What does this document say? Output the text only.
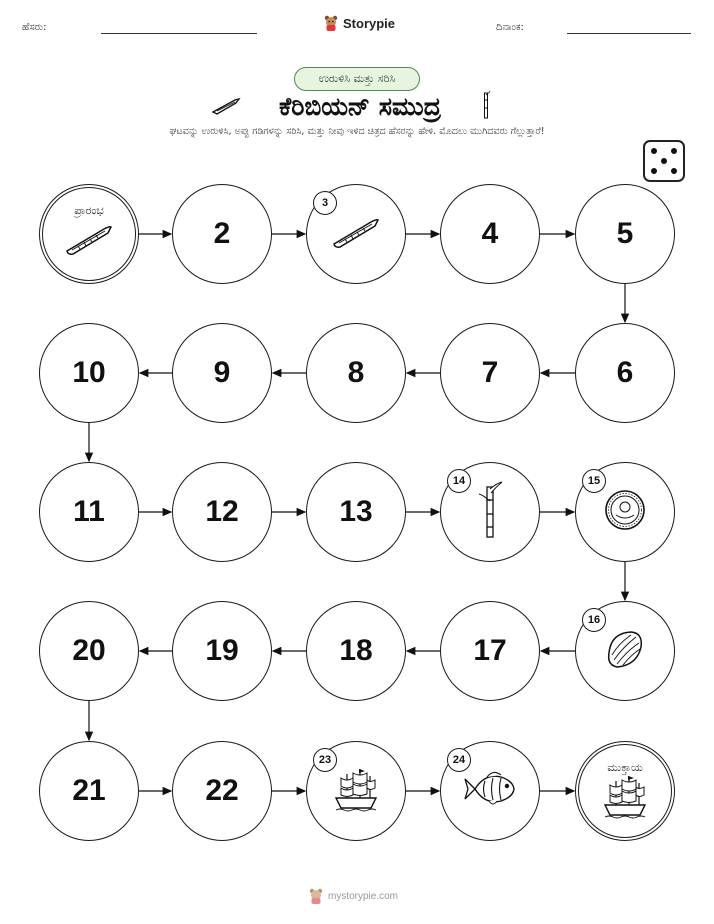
ಹೆಸರು:	Storypie	ದಿನಾಂಕ:
ಉರುಳಿಸಿ ಮತ್ತು ಸರಿಸಿ
ಕೆರಿಬಿಯನ್ ಸಮುದ್ರ
ಘಟವನ್ನು ಉರುಳಿಸಿ, ಅಪ್ಪು ಗಡಿಗಳನ್ನು ಸರಿಸಿ, ಮತ್ತು ನೀವು ಇಳಿದ ಚಿತ್ರದ ಹೆಸರನ್ನು ಹೇಳಿ. ಮೊದಲು ಮುಗಿದವರು ಗೆಲ್ಲುತ್ತಾರೆ!
ಪ್ರಾರಂಭ
2
3
4	5
6
7
8
9
10
11	12	13
14	15
16
17
18
19
20
21	22
23	24
ಮುಕ್ತಾಯ
mystorypie.com
